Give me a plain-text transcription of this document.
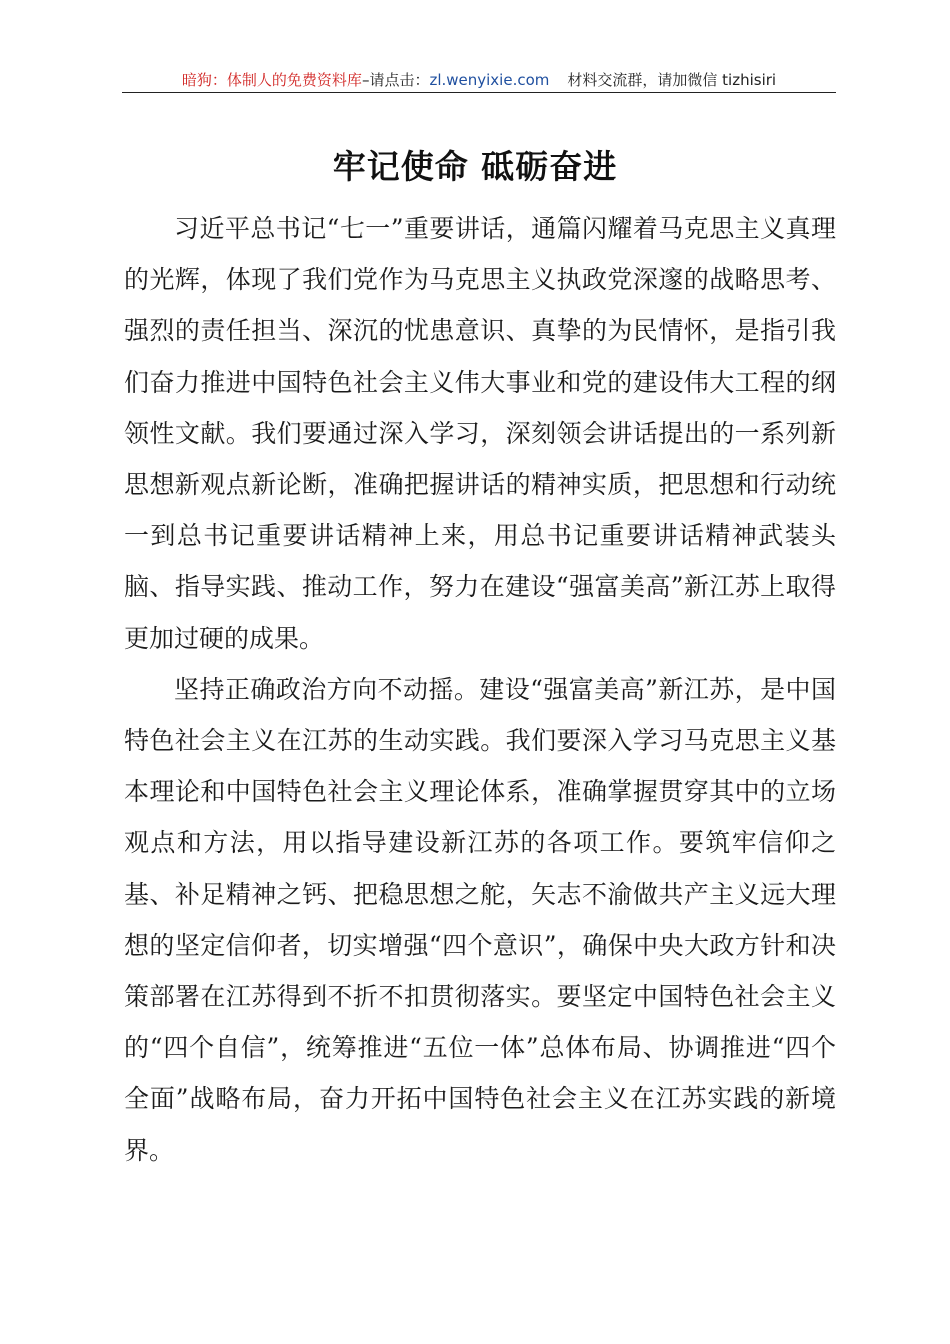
暗狗：体制人的免费资料库–请点击：zl.wenyixie.com 材料交流群，请加微信 tizhisiri
牢记使命 砥砺奋进

习近平总书记“七一”重要讲话，通篇闪耀着马克思主义真理的光辉，体现了我们党作为马克思主义执政党深邃的战略思考、强烈的责任担当、深沉的忧患意识、真挚的为民情怀，是指引我们奋力推进中国特色社会主义伟大事业和党的建设伟大工程的纲领性文献。我们要通过深入学习，深刻领会讲话提出的一系列新思想新观点新论断，准确把握讲话的精神实质，把思想和行动统一到总书记重要讲话精神上来，用总书记重要讲话精神武装头脑、指导实践、推动工作，努力在建设“强富美高”新江苏上取得更加过硬的成果。

坚持正确政治方向不动摇。建设“强富美高”新江苏，是中国特色社会主义在江苏的生动实践。我们要深入学习马克思主义基本理论和中国特色社会主义理论体系，准确掌握贯穿其中的立场观点和方法，用以指导建设新江苏的各项工作。要筑牢信仰之基、补足精神之钙、把稳思想之舵，矢志不渝做共产主义远大理想的坚定信仰者，切实增强“四个意识”，确保中央大政方针和决策部署在江苏得到不折不扣贯彻落实。要坚定中国特色社会主义的“四个自信”，统筹推进“五位一体”总体布局、协调推进“四个全面”战略布局，奋力开拓中国特色社会主义在江苏实践的新境界。
